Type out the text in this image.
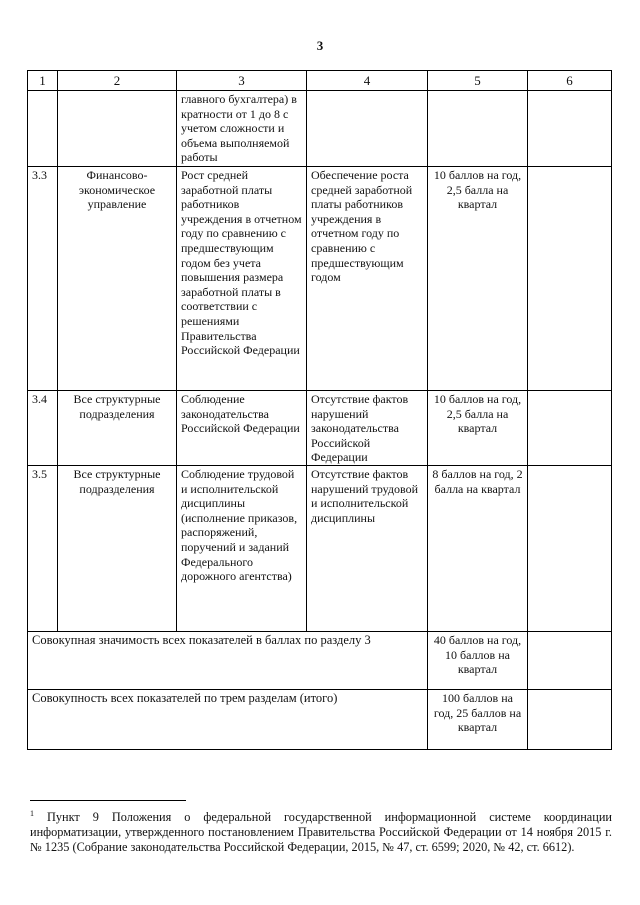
3
1	2	3	4	5	6
		главного бухгалтера) в кратности от 1 до 8 с учетом сложности и объема выполняемой работы			
3.3	Финансово-экономическое управление	Рост средней заработной платы работников учреждения в отчетном году по сравнению с предшествующим годом без учета повышения размера заработной платы в соответствии с решениями Правительства Российской Федерации	Обеспечение роста средней заработной платы работников учреждения в отчетном году по сравнению с предшествующим годом	10 баллов на год, 2,5 балла на квартал	
3.4	Все структурные подразделения	Соблюдение законодательства Российской Федерации	Отсутствие фактов нарушений законодательства Российской Федерации	10 баллов на год, 2,5 балла на квартал	
3.5	Все структурные подразделения	Соблюдение трудовой и исполнительской дисциплины (исполнение приказов, распоряжений, поручений и заданий Федерального дорожного агентства)	Отсутствие фактов нарушений трудовой и исполнительской дисциплины	8 баллов на год, 2 балла на квартал	
Совокупная значимость всех показателей в баллах по разделу 3				40 баллов на год, 10 баллов на квартал	
Совокупность всех показателей по трем разделам (итого)				100 баллов на год, 25 баллов на квартал	
$^1$ Пункт 9 Положения о федеральной государственной информационной системе координации информатизации, утвержденного постановлением Правительства Российской Федерации от 14 ноября 2015 г. № 1235 (Собрание законодательства Российской Федерации, 2015, № 47, ст. 6599; 2020, № 42, ст. 6612).
